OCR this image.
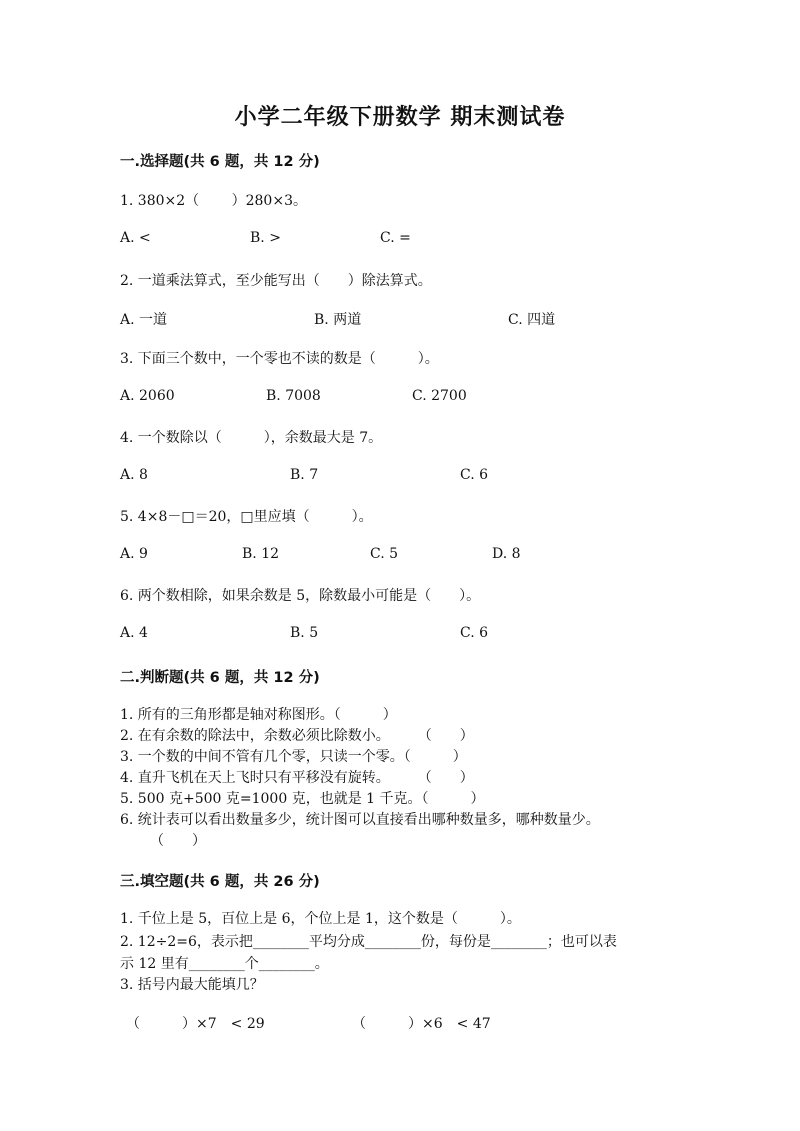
小学二年级下册数学 期末测试卷
一.选择题(共 6 题，共 12 分)
1. 380×2（　　 ）280×3。
A. <	B. >	C. =
2. 一道乘法算式，至少能写出（　　）除法算式。
A. 一道	B. 两道	C. 四道
3. 下面三个数中，一个零也不读的数是（　　　）。
A. 2060	B. 7008	C. 2700
4. 一个数除以（　　　），余数最大是 7。
A. 8	B. 7	C. 6
5. 4×8－□＝20，□里应填（　　　）。
A. 9	B. 12	C. 5	D. 8
6. 两个数相除，如果余数是 5，除数最小可能是（　　）。
A. 4	B. 5	C. 6
二.判断题(共 6 题，共 12 分)
1. 所有的三角形都是轴对称图形。（　　　）
2. 在有余数的除法中，余数必须比除数小。　　　（　　）
3. 一个数的中间不管有几个零，只读一个零。（　　　）
4. 直升飞机在天上飞时只有平移没有旋转。　　　（　　）
5. 500 克+500 克=1000 克，也就是 1 千克。（　　　）
6. 统计表可以看出数量多少，统计图可以直接看出哪种数量多，哪种数量少。
（　　）
三.填空题(共 6 题，共 26 分)
1. 千位上是 5，百位上是 6，个位上是 1，这个数是（　　　）。
2. 12÷2=6，表示把________平均分成________份，每份是________；也可以表
示 12 里有________个________。
3. 括号内最大能填几？
（　　　）×7　< 29	（　　　）×6　< 47
